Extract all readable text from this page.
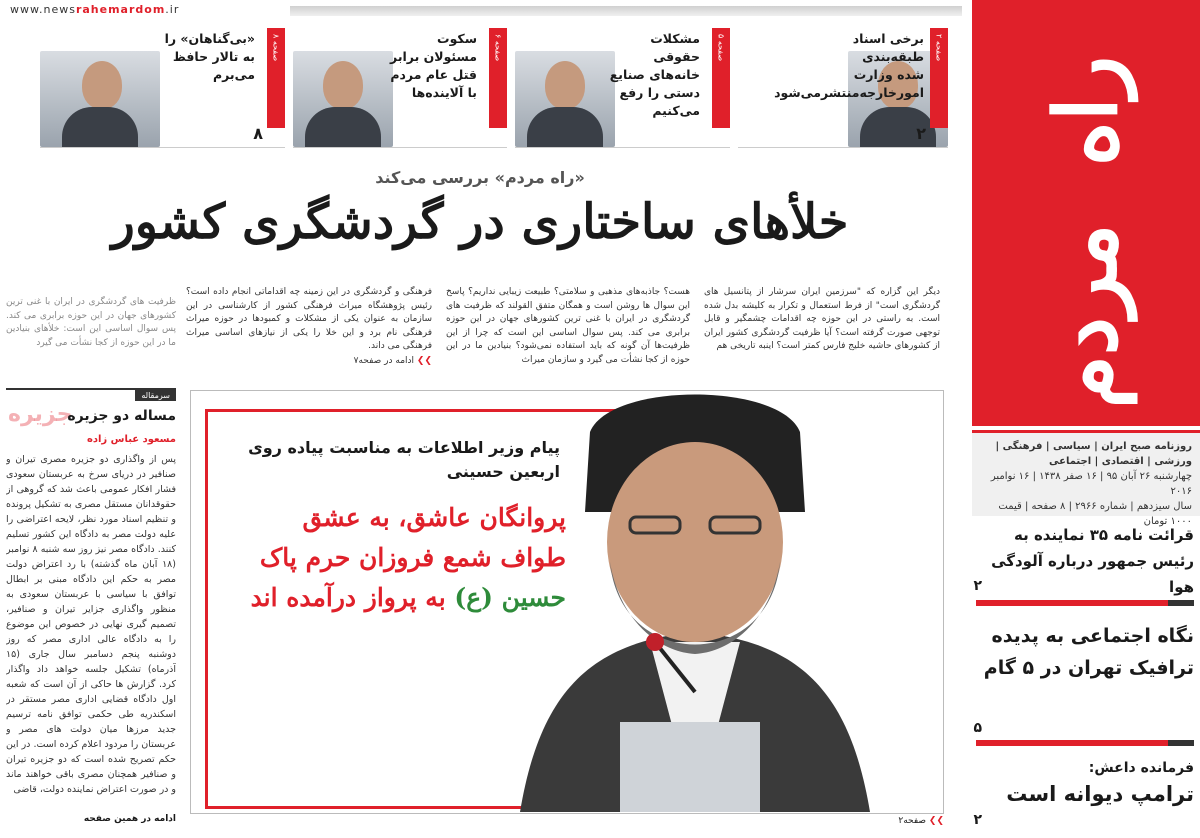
www.newsrahemardom.ir
راه
مردم
روزنامه صبح ایران | سیاسی | فرهنگی | ورزشی | اقتصادی | اجتماعی
چهارشنبه ۲۶ آبان ۹۵ | ۱۶ صفر ۱۴۳۸ | ۱۶ نوامبر ۲۰۱۶
سال سیزدهم | شماره ۲۹۶۶ | ۸ صفحه | قیمت ۱۰۰۰ تومان
صفحه ۲
برخی اسناد طبقه‌بندی شده وزارت امورخارجه‌منتشرمی‌شود
۲
صفحه ۵
مشکلات حقوقی خانه‌های صنایع دستی را رفع می‌کنیم
صفحه ۶
سکوت مسئولان برابر قتل عام مردم با آلاینده‌ها
صفحه ۸
«بی‌گناهان» را به تالار حافظ می‌برم
۸
«راه مردم» بررسی می‌کند
خلأهای ساختاری در گردشگری کشور
دیگر این گزاره که "سرزمین ایران سرشار از پتانسیل های گردشگری است" از فرط استعمال و تکرار به کلیشه بدل شده است. به راستی در این حوزه چه اقدامات چشمگیر و قابل توجهی صورت گرفته است؟ آیا ظرفیت گردشگری کشور ایران از کشورهای حاشیه خلیج فارس کمتر است؟ اینبه تاریخی هم
هست؟ جاذبه‌های مذهبی و سلامتی؟ طبیعت زیبایی نداریم؟ پاسخ این سوال ها روشن است و همگان متفق القولند که ظرفیت های گردشگری در ایران با غنی ترین کشورهای جهان در این حوزه برابری می کند. پس سوال اساسی این است که چرا از این ظرفیت‌ها آن گونه که باید استفاده نمی‌شود؟ بنیادین ما در این حوزه از کجا نشأت می گیرد و سازمان میراث
فرهنگی و گردشگری در این زمینه چه اقداماتی انجام داده است؟ رئیس پژوهشگاه میراث فرهنگی کشور از کارشناسی در این سازمان به عنوان یکی از مشکلات و کمبودها در حوزه میراث فرهنگی نام برد و این خلا را یکی از نیازهای اساسی میراث فرهنگی می داند.
❯❯ ادامه در صفحه۷
ظرفیت های گردشگری در ایران با غنی ترین کشورهای جهان در این حوزه برابری می کند. پس سوال اساسی این است: خلأهای بنیادین ما در این حوزه از کجا نشأت می گیرد
سرمقاله
جزیره
مساله دو جزیره
مسعود عباس زاده
پس از واگذاری دو جزیره مصری تیران و صنافیر در دریای سرخ به عربستان سعودی فشار افکار عمومی باعث شد که گروهی از حقوقدانان مستقل مصری به تشکیل پرونده و تنظیم اسناد مورد نظر، لایحه اعتراضی را علیه دولت مصر به دادگاه این کشور تسلیم کنند. دادگاه مصر نیز روز سه شنبه ۸ نوامبر (۱۸ آبان ماه گذشته) با رد اعتراض دولت مصر به حکم این دادگاه مبنی بر ابطال توافق با سیاسی با عربستان سعودی به منظور واگذاری جزایر تیران و صنافیر، تصمیم گیری نهایی در خصوص این موضوع را به دادگاه عالی اداری مصر که روز دوشنبه پنجم دسامبر سال جاری (۱۵ آذرماه) تشکیل جلسه خواهد داد واگذار کرد. گزارش ها حاکی از آن است که شعبه اول دادگاه قضایی اداری مصر مستقر در اسکندریه طی حکمی توافق نامه ترسیم جدید مرزها میان دولت های مصر و عربستان را مردود اعلام کرده است. در این حکم تصریح شده است که دو جزیره تیران و صنافیر همچنان مصری باقی خواهند ماند و در صورت اعتراض نماینده دولت، قاضی
ادامه در همین صفحه
پیام وزیر اطلاعات به مناسبت پیاده روی اربعین حسینی
پروانگان عاشق، به عشق
طواف شمع فروزان حرم پاک
حسین (ع) به پرواز درآمده اند
❯❯ صفحه۲
قرائت نامه ۳۵ نماینده به رئیس جمهور درباره آلودگی هوا
۲
نگاه اجتماعی به پدیده ترافیک تهران در ۵ گام
۵
فرمانده داعش:
ترامپ دیوانه است
۲
